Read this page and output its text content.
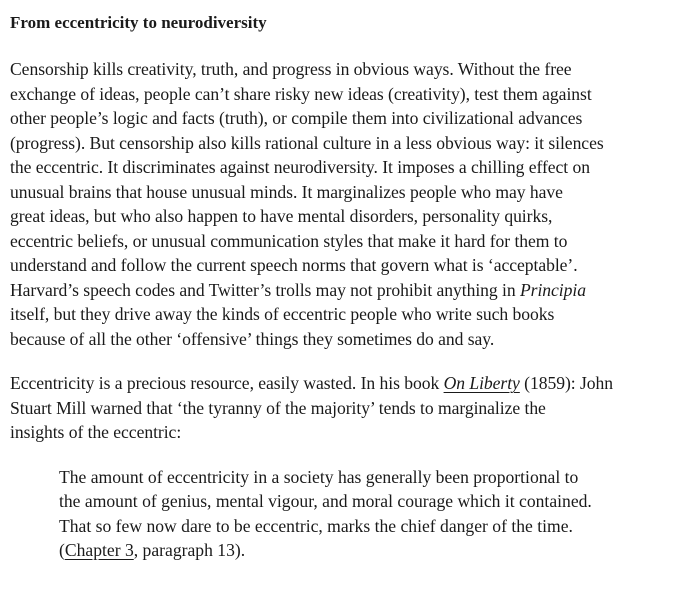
From eccentricity to neurodiversity

Censorship kills creativity, truth, and progress in obvious ways. Without the free
exchange of ideas, people can’t share risky new ideas (creativity), test them against
other people’s logic and facts (truth), or compile them into civilizational advances
(progress). But censorship also kills rational culture in a less obvious way: it silences
the eccentric. It discriminates against neurodiversity. It imposes a chilling effect on
unusual brains that house unusual minds. It marginalizes people who may have
great ideas, but who also happen to have mental disorders, personality quirks,
eccentric beliefs, or unusual communication styles that make it hard for them to
understand and follow the current speech norms that govern what is ‘acceptable’.
Harvard’s speech codes and Twitter’s trolls may not prohibit anything in Principia
itself, but they drive away the kinds of eccentric people who write such books
because of all the other ‘offensive’ things they sometimes do and say.

Eccentricity is a precious resource, easily wasted. In his book On Liberty (1859): John
Stuart Mill warned that ‘the tyranny of the majority’ tends to marginalize the
insights of the eccentric:

The amount of eccentricity in a society has generally been proportional to
the amount of genius, mental vigour, and moral courage which it contained.
That so few now dare to be eccentric, marks the chief danger of the time.
(Chapter 3, paragraph 13).
